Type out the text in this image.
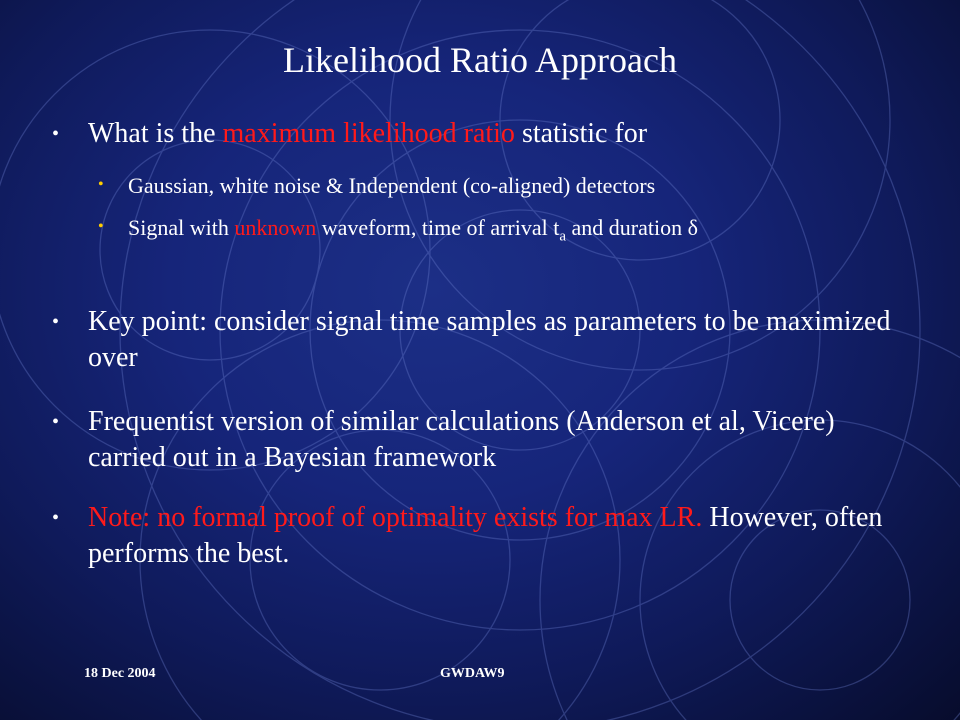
Likelihood Ratio Approach
• What is the maximum likelihood ratio statistic for
• Gaussian, white noise & Independent (co-aligned) detectors
• Signal with unknown waveform, time of arrival $t_a$ and duration δ
• Key point: consider signal time samples as parameters to be maximized over
• Frequentist version of similar calculations (Anderson et al, Vicere) carried out in a Bayesian framework
• Note: no formal proof of optimality exists for max LR. However, often performs the best.
18 Dec 2004	GWDAW9
